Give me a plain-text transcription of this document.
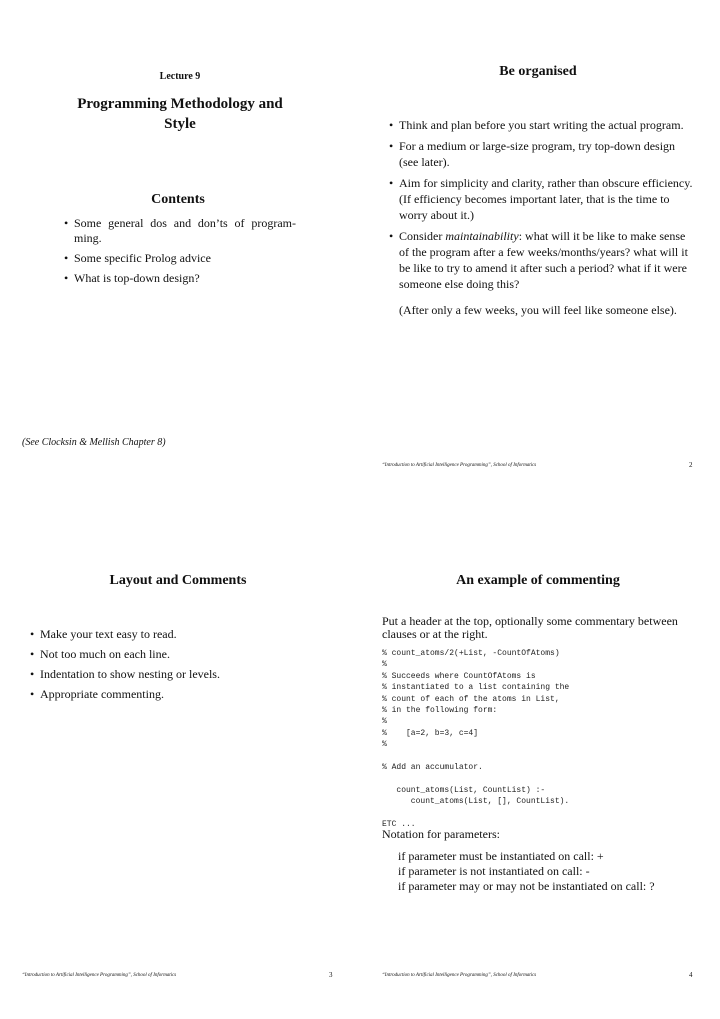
Lecture 9
Programming Methodology and
Style
Contents
• Some general dos and don’ts of program-ming.
• Some specific Prolog advice
• What is top-down design?
(See Clocksin & Mellish Chapter 8)
Be organised
• Think and plan before you start writing the actual program.
• For a medium or large-size program, try top-down design (see later).
• Aim for simplicity and clarity, rather than obscure efficiency. (If efficiency becomes important later, that is the time to worry about it.)
• Consider maintainability: what will it be like to make sense of the program after a few weeks/months/years? what will it be like to try to amend it after such a period? what if it were someone else doing this?
(After only a few weeks, you will feel like someone else).
“Introduction to Artificial Intelligence Programming”, School of Informatics	2
Layout and Comments
• Make your text easy to read.
• Not too much on each line.
• Indentation to show nesting or levels.
• Appropriate commenting.
“Introduction to Artificial Intelligence Programming”, School of Informatics	3
An example of commenting
Put a header at the top, optionally some commentary between clauses or at the right.
% count_atoms/2(+List, -CountOfAtoms)
%
% Succeeds where CountOfAtoms is
% instantiated to a list containing the
% count of each of the atoms in List,
% in the following form:
%
%    [a=2, b=3, c=4]
%

% Add an accumulator.

count_atoms(List, CountList) :-
count_atoms(List, [], CountList).

ETC ...
Notation for parameters:
if parameter must be instantiated on call: +
if parameter is not instantiated on call: -
if parameter may or may not be instantiated on call: ?
“Introduction to Artificial Intelligence Programming”, School of Informatics	4
